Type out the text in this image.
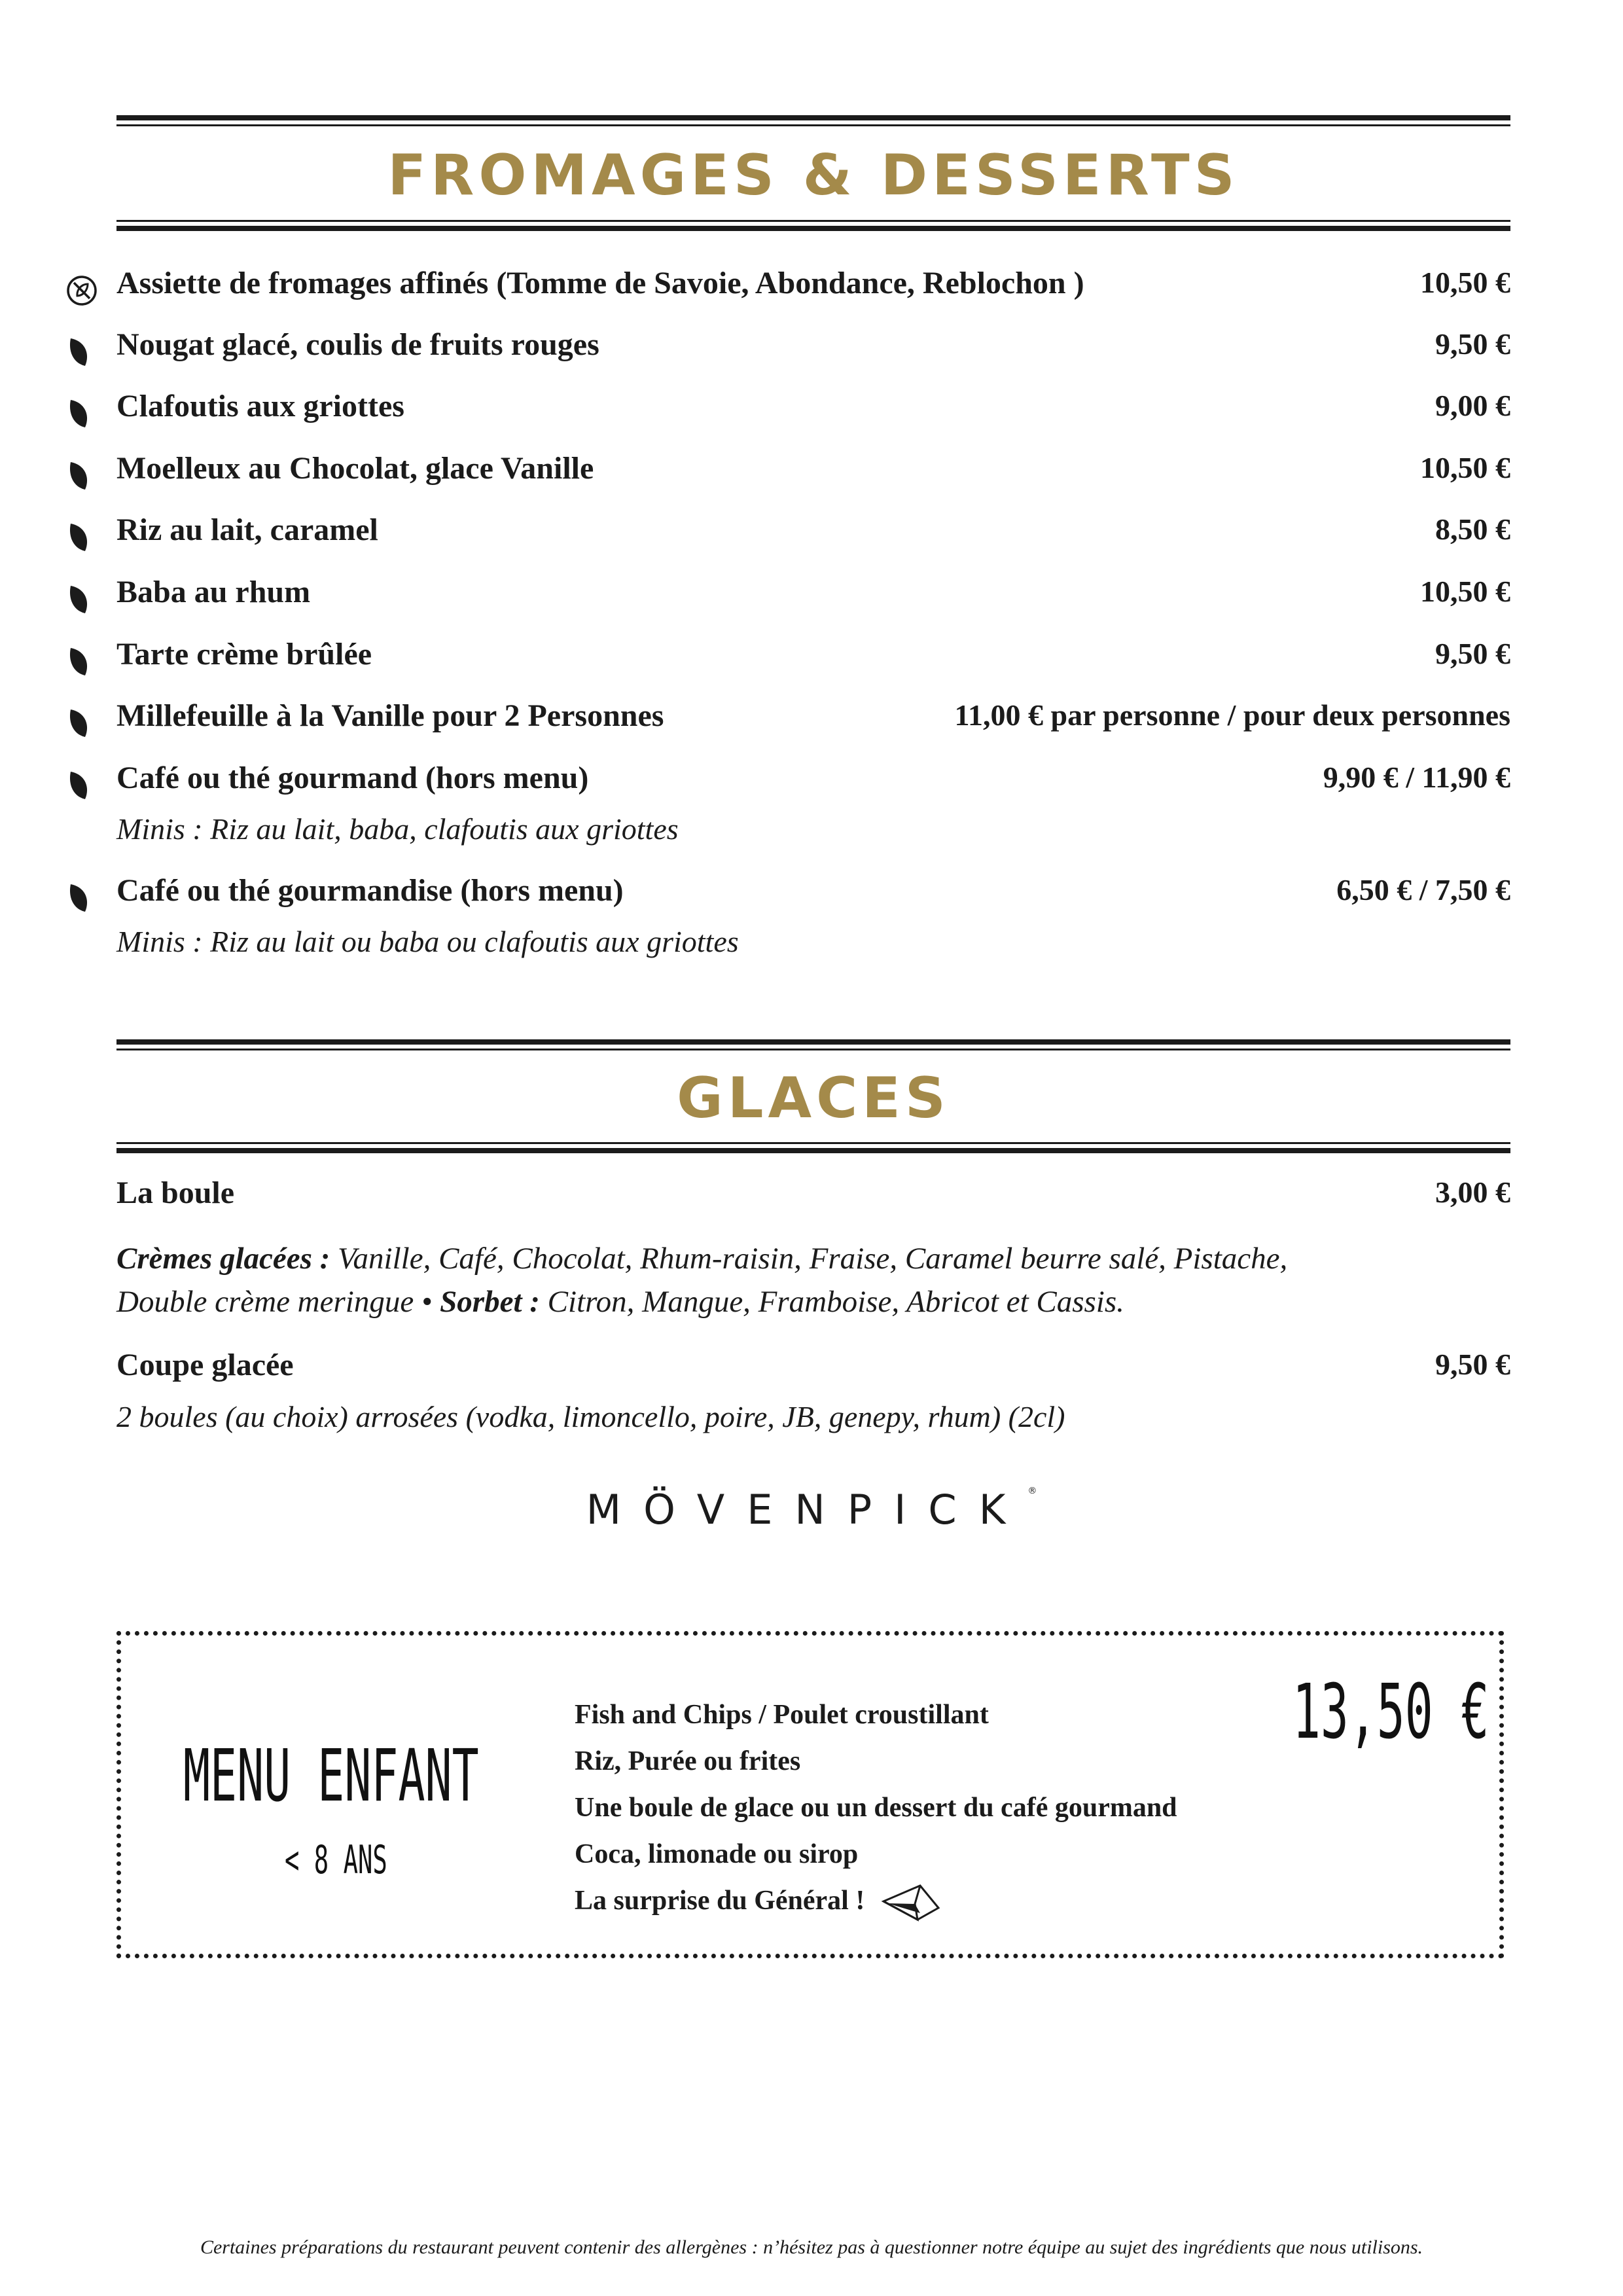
FROMAGES & DESSERTS
Assiette de fromages affinés (Tomme de Savoie, Abondance, Reblochon )	10,50 €
Nougat glacé, coulis de fruits rouges	9,50 €
Clafoutis aux griottes	9,00 €
Moelleux au Chocolat, glace Vanille	10,50 €
Riz au lait, caramel	8,50 €
Baba au rhum	10,50 €
Tarte crème brûlée	9,50 €
Millefeuille à la Vanille pour 2 Personnes	11,00 € par personne / pour deux personnes
Café ou thé gourmand (hors menu)	9,90 € / 11,90 €
Minis : Riz au lait, baba, clafoutis aux griottes
Café ou thé gourmandise (hors menu)	6,50 € / 7,50 €
Minis : Riz au lait ou baba ou clafoutis aux griottes
GLACES
La boule	3,00 €
Crèmes glacées : Vanille, Café, Chocolat, Rhum-raisin, Fraise, Caramel beurre salé, Pistache,
Double crème meringue • Sorbet : Citron, Mangue, Framboise, Abricot et Cassis.
Coupe glacée	9,50 €
2 boules (au choix) arrosées (vodka, limoncello, poire, JB, genepy, rhum) (2cl)
MÖVENPICK®
MENU ENFANT
< 8 ANS
Fish and Chips / Poulet croustillant
Riz, Purée ou frites
Une boule de glace ou un dessert du café gourmand
Coca, limonade ou sirop
La surprise du Général !
13,50 €
Certaines préparations du restaurant peuvent contenir des allergènes : n’hésitez pas à questionner notre équipe au sujet des ingrédients que nous utilisons.
